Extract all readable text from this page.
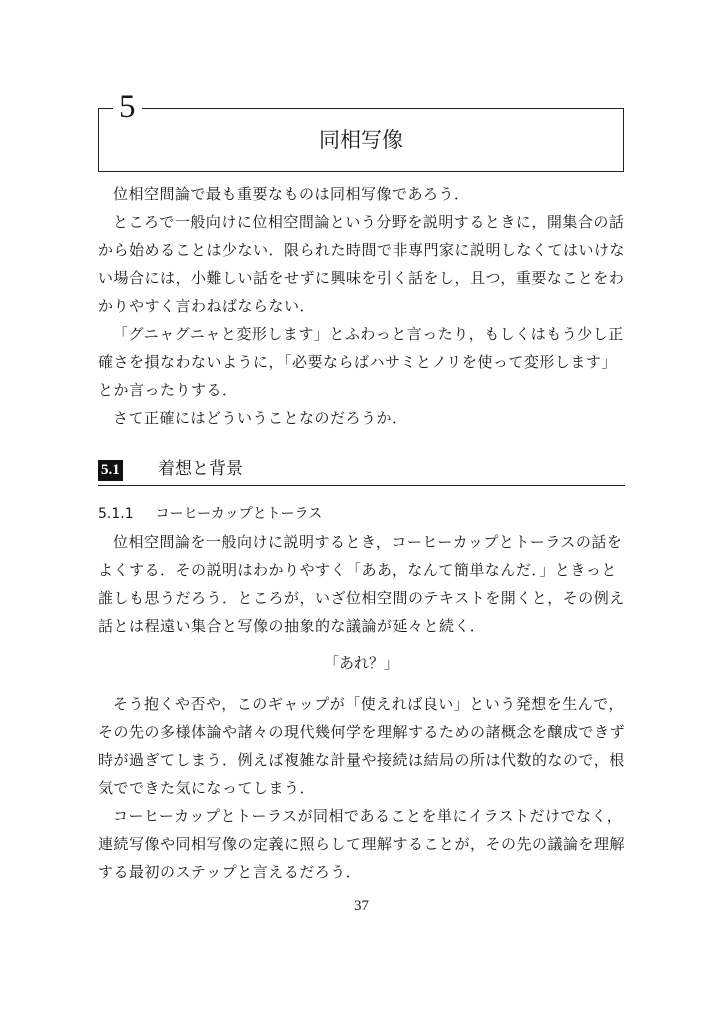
5
同相写像

位相空間論で最も重要なものは同相写像であろう．

ところで一般向けに位相空間論という分野を説明するときに，開集合の話から始めることは少ない．限られた時間で非専門家に説明しなくてはいけない場合には，小難しい話をせずに興味を引く話をし，且つ，重要なことをわかりやすく言わねばならない．

「グニャグニャと変形します」とふわっと言ったり，もしくはもう少し正確さを損なわないように，「必要ならばハサミとノリを使って変形します」とか言ったりする．

さて正確にはどういうことなのだろうか．

5.1 着想と背景
5.1.1 コーヒーカップとトーラス

位相空間論を一般向けに説明するとき，コーヒーカップとトーラスの話をよくする．その説明はわかりやすく「ああ，なんて簡単なんだ．」ときっと誰しも思うだろう．ところが，いざ位相空間のテキストを開くと，その例え話とは程遠い集合と写像の抽象的な議論が延々と続く．

「あれ？」

そう抱くや否や，このギャップが「使えれば良い」という発想を生んで，その先の多様体論や諸々の現代幾何学を理解するための諸概念を醸成できず時が過ぎてしまう．例えば複雑な計量や接続は結局の所は代数的なので，根気でできた気になってしまう．

コーヒーカップとトーラスが同相であることを単にイラストだけでなく，連続写像や同相写像の定義に照らして理解することが，その先の議論を理解する最初のステップと言えるだろう．

37
